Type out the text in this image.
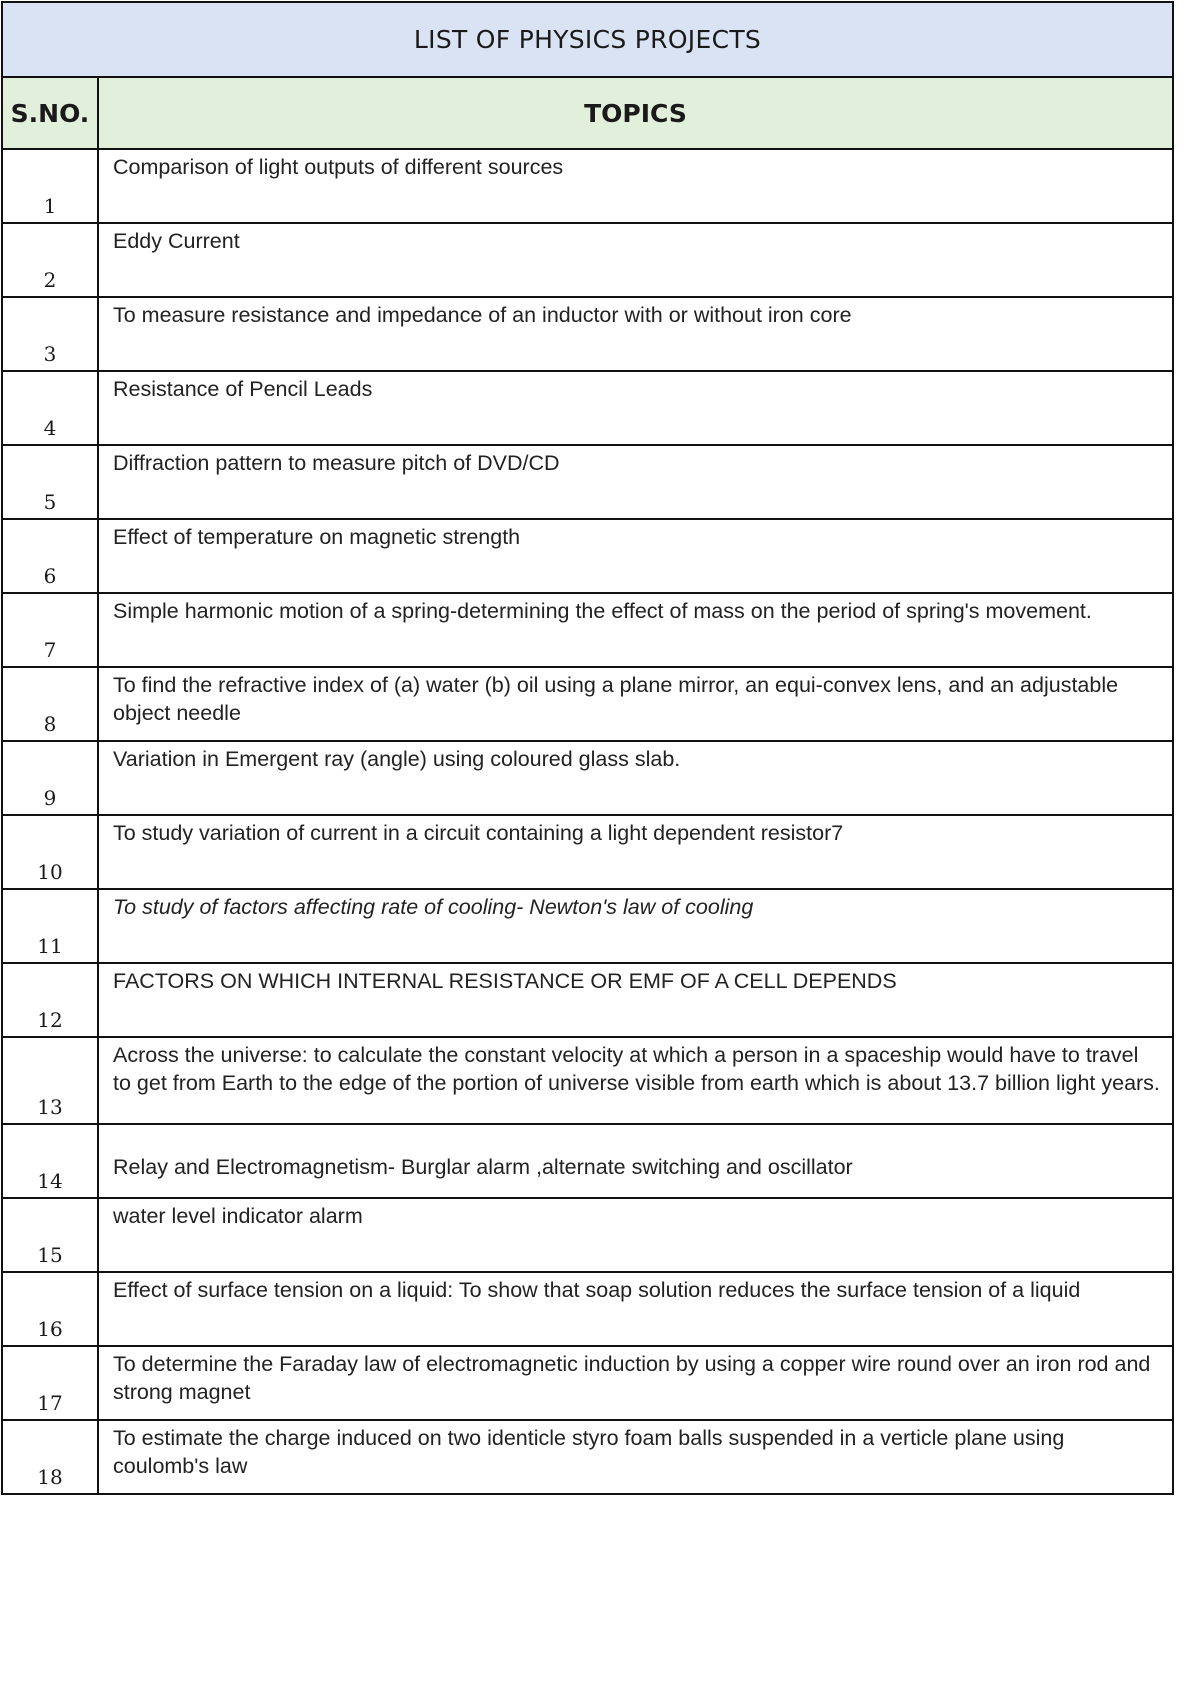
LIST OF PHYSICS PROJECTS	
S.NO.	TOPICS
1	Comparison of light outputs of different sources
2	Eddy Current
3	To measure resistance and impedance of an inductor with or without iron core
4	Resistance of Pencil Leads
5	Diffraction pattern to measure pitch of DVD/CD
6	Effect of temperature on magnetic strength
7	Simple harmonic motion of a spring-determining the effect of mass on the period of spring's movement.
8	To find the refractive index of (a) water (b) oil using a plane mirror, an equi-convex lens, and an adjustable object needle
9	Variation in Emergent ray (angle) using coloured glass slab.
10	To study variation of current in a circuit containing a light dependent resistor7
11	To study of factors affecting rate of cooling- Newton's law of cooling
12	FACTORS ON WHICH INTERNAL RESISTANCE OR EMF OF A CELL DEPENDS
13	Across the universe: to calculate the constant velocity at which a person in a spaceship would have to travel to get from Earth to the edge of the portion of universe visible from earth which is about 13.7 billion light years.
14	Relay and Electromagnetism- Burglar alarm ,alternate switching and oscillator
15	water level indicator alarm
16	Effect of surface tension on a liquid: To show that soap solution reduces the surface tension of a liquid
17	To determine the Faraday law of electromagnetic induction by using a copper wire round over an iron rod and strong magnet
18	To estimate the charge induced on two identicle styro foam balls suspended in a verticle plane using coulomb's law
